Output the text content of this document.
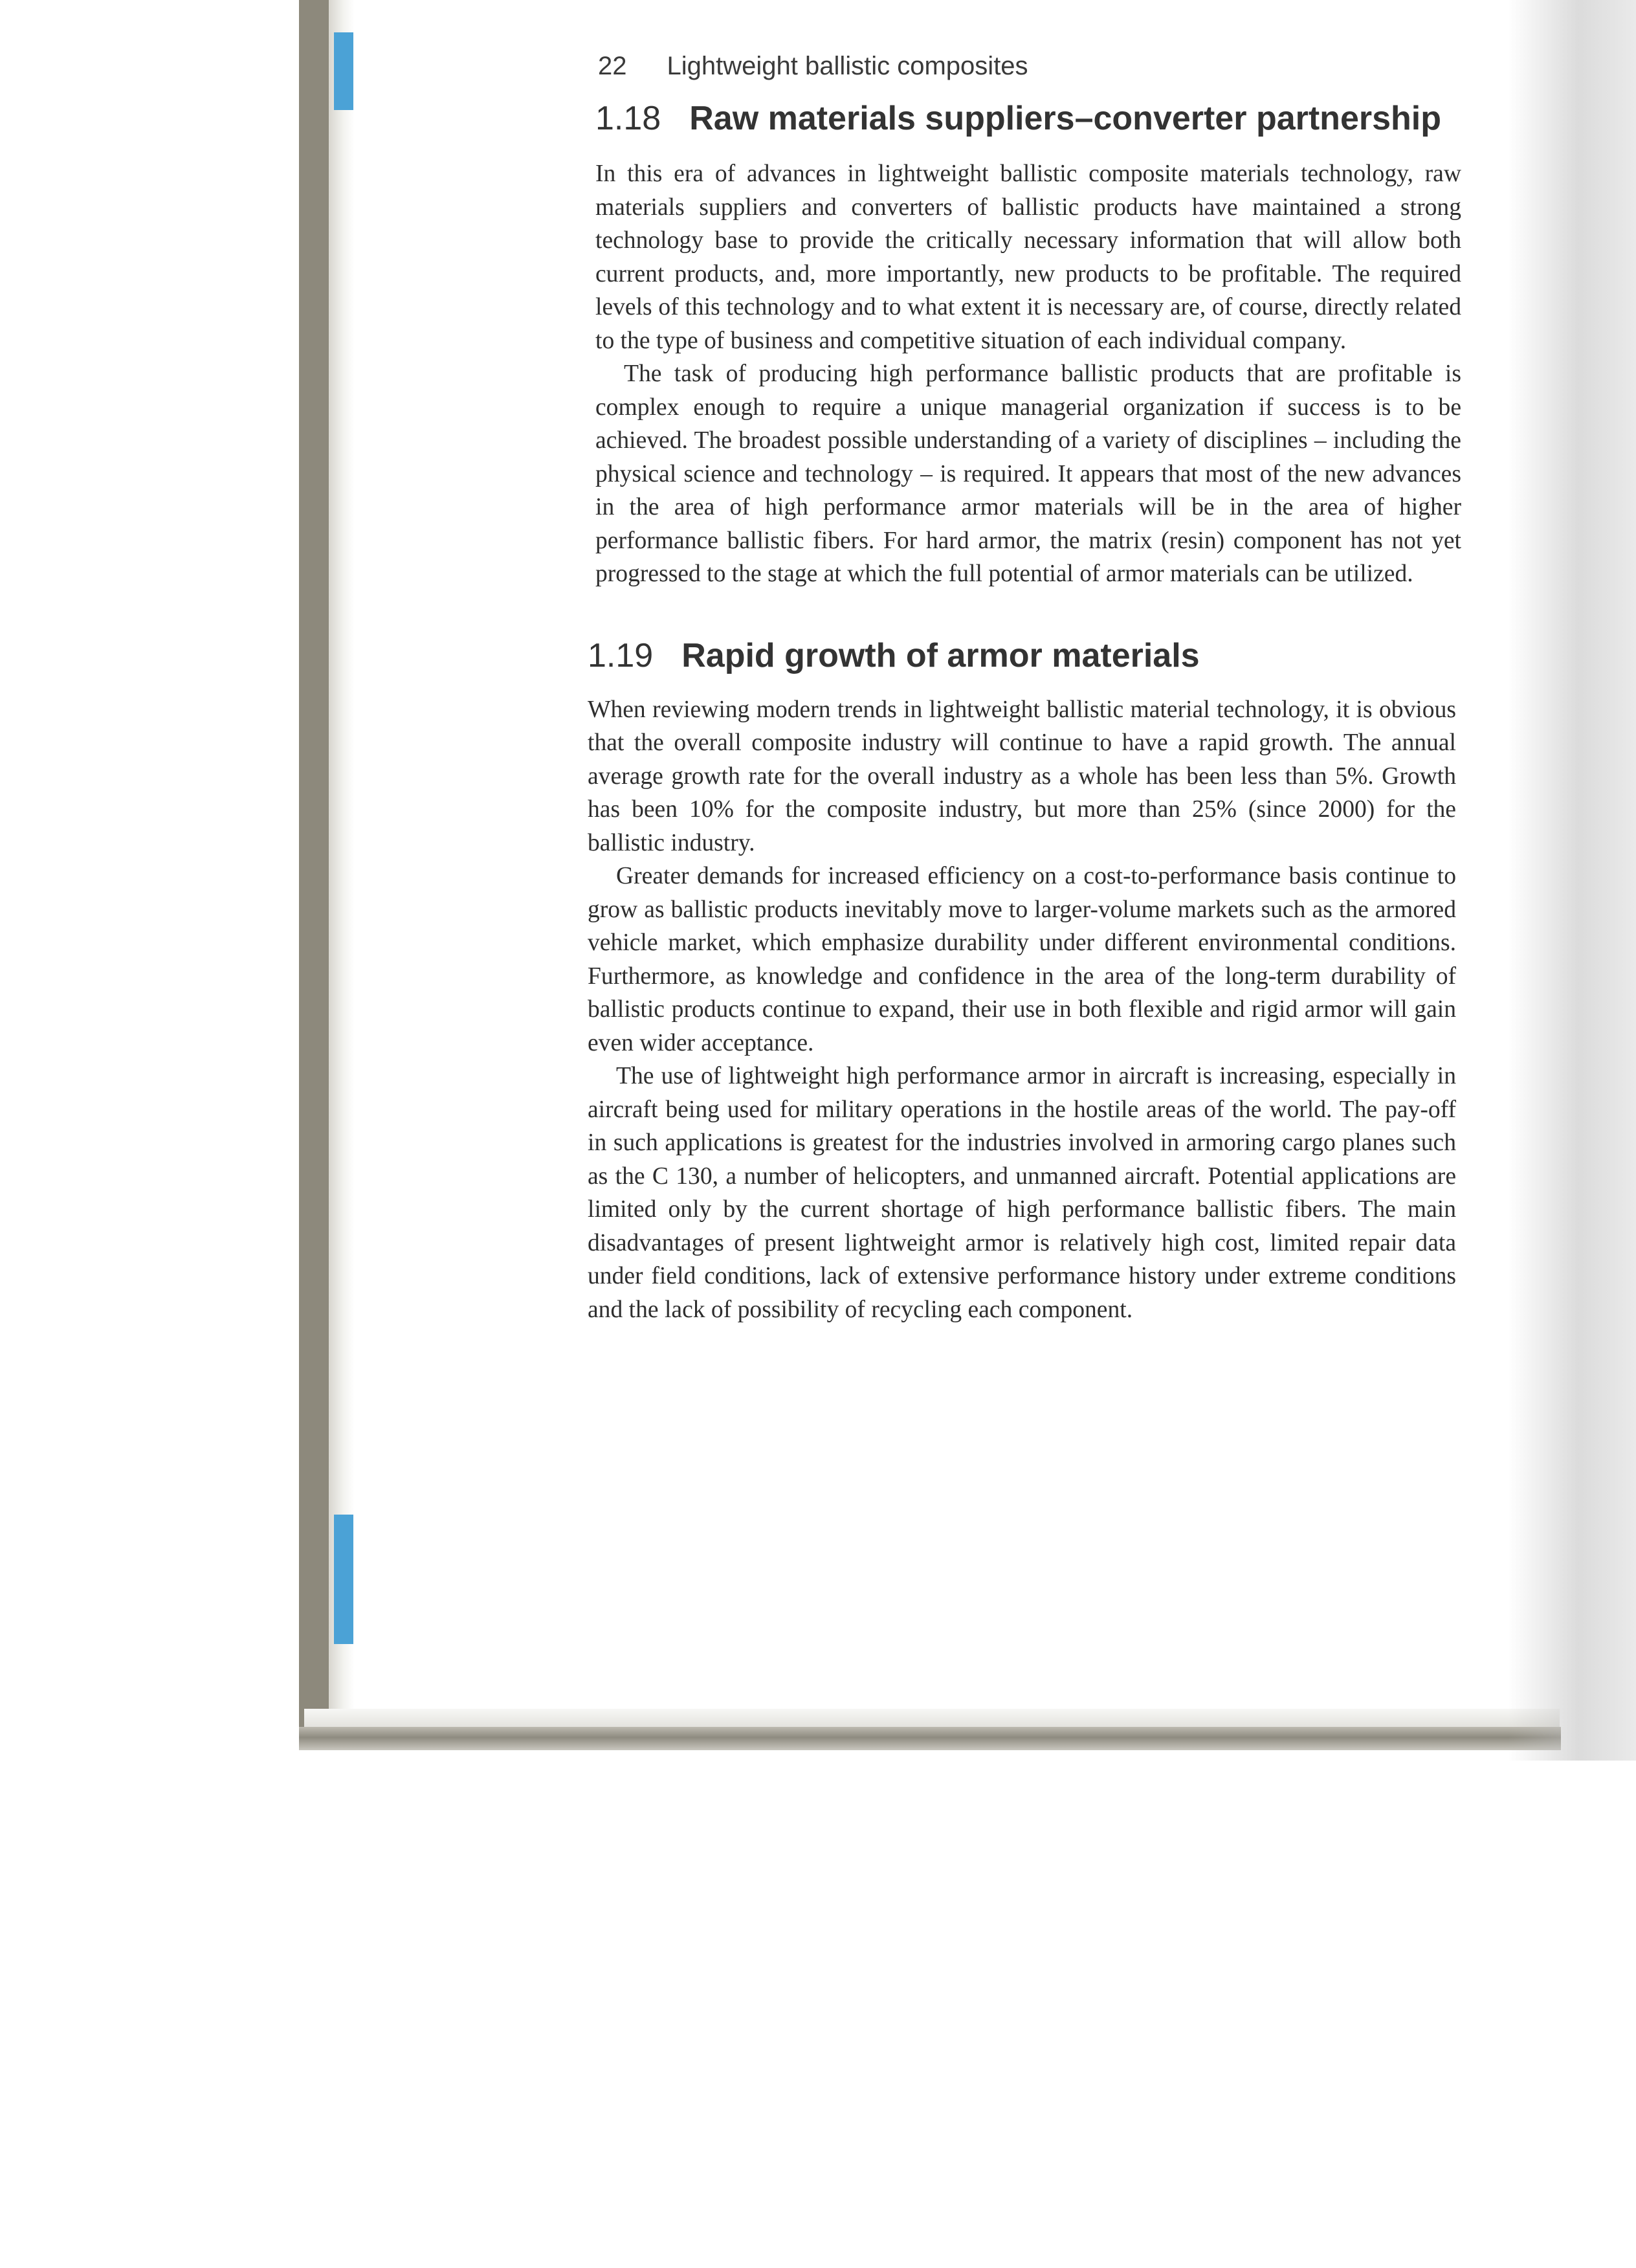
22 Lightweight ballistic composites
1.18 Raw materials suppliers–converter partnership

In this era of advances in lightweight ballistic composite materials technology, raw materials suppliers and converters of ballistic products have maintained a strong technology base to provide the critically necessary information that will allow both current products, and, more importantly, new products to be profitable. The required levels of this technology and to what extent it is necessary are, of course, directly related to the type of business and competitive situation of each individual company.

The task of producing high performance ballistic products that are profitable is complex enough to require a unique managerial organization if success is to be achieved. The broadest possible understanding of a variety of disciplines – including the physical science and technology – is required. It appears that most of the new advances in the area of high performance armor materials will be in the area of higher performance ballistic fibers. For hard armor, the matrix (resin) component has not yet progressed to the stage at which the full potential of armor materials can be utilized.

1.19 Rapid growth of armor materials

When reviewing modern trends in lightweight ballistic material technology, it is obvious that the overall composite industry will continue to have a rapid growth. The annual average growth rate for the overall industry as a whole has been less than 5%. Growth has been 10% for the composite industry, but more than 25% (since 2000) for the ballistic industry.

Greater demands for increased efficiency on a cost-to-performance basis continue to grow as ballistic products inevitably move to larger-volume markets such as the armored vehicle market, which emphasize durability under different environmental conditions. Furthermore, as knowledge and confidence in the area of the long-term durability of ballistic products continue to expand, their use in both flexible and rigid armor will gain even wider acceptance.

The use of lightweight high performance armor in aircraft is increasing, especially in aircraft being used for military operations in the hostile areas of the world. The pay-off in such applications is greatest for the industries involved in armoring cargo planes such as the C 130, a number of helicopters, and unmanned aircraft. Potential applications are limited only by the current shortage of high performance ballistic fibers. The main disadvantages of present lightweight armor is relatively high cost, limited repair data under field conditions, lack of extensive performance history under extreme conditions and the lack of possibility of recycling each component.
